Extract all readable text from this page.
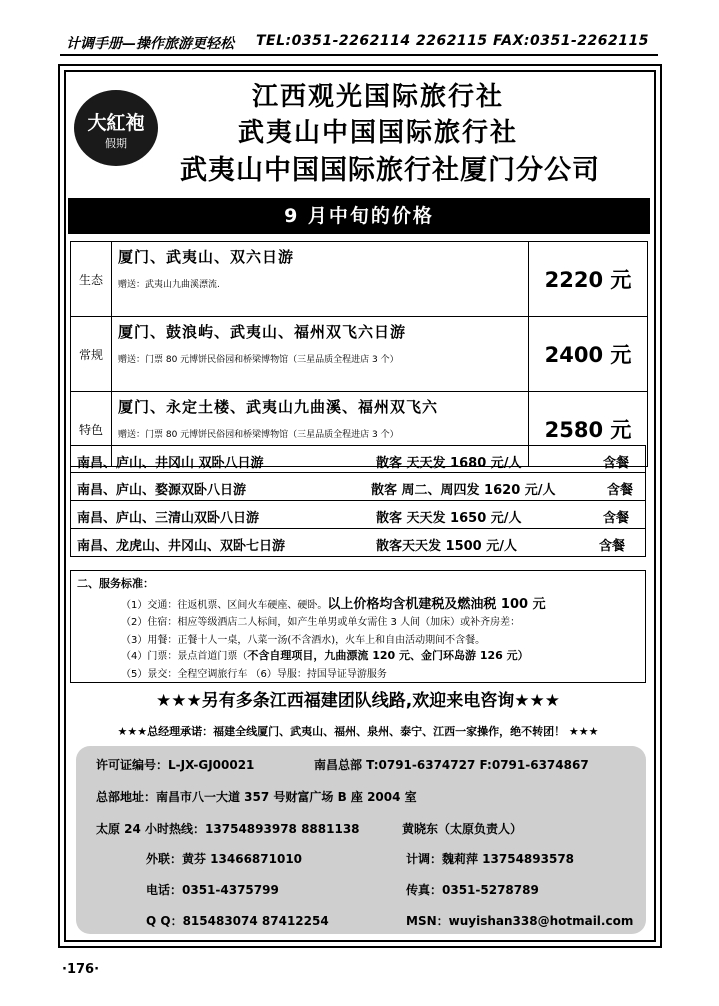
计调手册—操作旅游更轻松 TEL:0351-2262114 2262115 FAX:0351-2262115
大紅袍
假期
江西观光国际旅行社
武夷山中国国际旅行社
武夷山中国国际旅行社厦门分公司
9 月中旬的价格
生态	厦门、武夷山、双六日游
赠送：武夷山九曲溪漂流.	2220 元
常规	厦门、鼓浪屿、武夷山、福州双飞六日游
赠送：门票 80 元博饼民俗园和桥梁博物馆（三星品质全程进店 3 个）	2400 元
特色	厦门、永定土楼、武夷山九曲溪、福州双飞六
赠送：门票 80 元博饼民俗园和桥梁博物馆（三星品质全程进店 3 个）	2580 元
南昌、庐山、井冈山 双卧八日游	散客 天天发 1680 元/人	含餐
南昌、庐山、婺源双卧八日游	散客 周二、周四发 1620 元/人	含餐
南昌、庐山、三清山双卧八日游	散客 天天发 1650 元/人	含餐
南昌、龙虎山、井冈山、双卧七日游	散客天天发 1500 元/人	含餐
二、服务标准：
（1）交通：往返机票、区间火车硬座、硬卧。以上价格均含机建税及燃油税 100 元
（2）住宿：相应等级酒店二人标间，如产生单男或单女需住 3 人间（加床）或补齐房差：
（3）用餐：正餐十人一桌，八菜一汤(不含酒水)，火车上和自由活动期间不含餐。
（4）门票：景点首道门票（不含自理项目，九曲漂流 120 元、金门环岛游 126 元）
（5）景交：全程空调旅行车 （6）导服：持国导证导游服务
★★★另有多条江西福建团队线路,欢迎来电咨询★★★
★★★总经理承诺：福建全线厦门、武夷山、福州、泉州、泰宁、江西一家操作，绝不转团！ ★★★
许可证编号：L-JX-GJ00021	南昌总部 T:0791-6374727 F:0791-6374867
总部地址：南昌市八一大道 357 号财富广场 B 座 2004 室
太原 24 小时热线：13754893978 8881138	黄晓东（太原负责人）
外联：黄芬 13466871010	计调：魏莉萍 13754893578
电话：0351-4375799	传真：0351-5278789
Q Q：815483074 87412254	MSN：wuyishan338@hotmail.com
·176·
